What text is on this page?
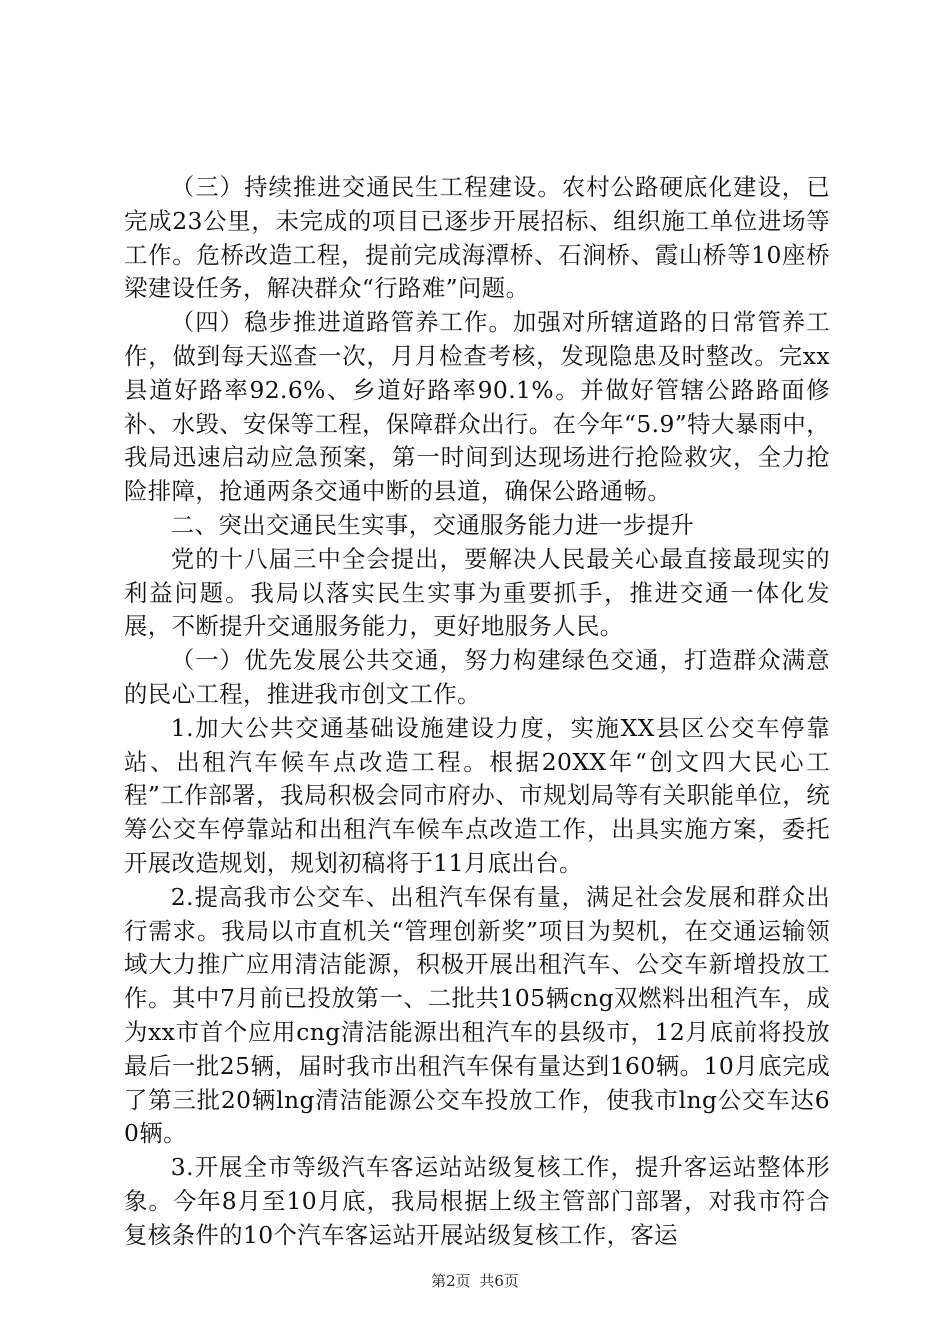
（三）持续推进交通民生工程建设。农村公路硬底化建设，已完成23公里，未完成的项目已逐步开展招标、组织施工单位进场等工作。危桥改造工程，提前完成海潭桥、石涧桥、霞山桥等10座桥梁建设任务，解决群众“行路难”问题。

（四）稳步推进道路管养工作。加强对所辖道路的日常管养工作，做到每天巡查一次，月月检查考核，发现隐患及时整改。完xx县道好路率92.6%、乡道好路率90.1%。并做好管辖公路路面修补、水毁、安保等工程，保障群众出行。在今年“5.9”特大暴雨中，我局迅速启动应急预案，第一时间到达现场进行抢险救灾，全力抢险排障，抢通两条交通中断的县道，确保公路通畅。

二、突出交通民生实事，交通服务能力进一步提升

党的十八届三中全会提出，要解决人民最关心最直接最现实的利益问题。我局以落实民生实事为重要抓手，推进交通一体化发展，不断提升交通服务能力，更好地服务人民。

（一）优先发展公共交通，努力构建绿色交通，打造群众满意的民心工程，推进我市创文工作。

1.加大公共交通基础设施建设力度，实施XX县区公交车停靠站、出租汽车候车点改造工程。根据20XX年“创文四大民心工程”工作部署，我局积极会同市府办、市规划局等有关职能单位，统筹公交车停靠站和出租汽车候车点改造工作，出具实施方案，委托开展改造规划，规划初稿将于11月底出台。

2.提高我市公交车、出租汽车保有量，满足社会发展和群众出行需求。我局以市直机关“管理创新奖”项目为契机，在交通运输领域大力推广应用清洁能源，积极开展出租汽车、公交车新增投放工作。其中7月前已投放第一、二批共105辆cng双燃料出租汽车，成为xx市首个应用cng清洁能源出租汽车的县级市，12月底前将投放最后一批25辆，届时我市出租汽车保有量达到160辆。10月底完成了第三批20辆lng清洁能源公交车投放工作，使我市lng公交车达60辆。

3.开展全市等级汽车客运站站级复核工作，提升客运站整体形象。今年8月至10月底，我局根据上级主管部门部署，对我市符合复核条件的10个汽车客运站开展站级复核工作，客运

第2页 共6页
